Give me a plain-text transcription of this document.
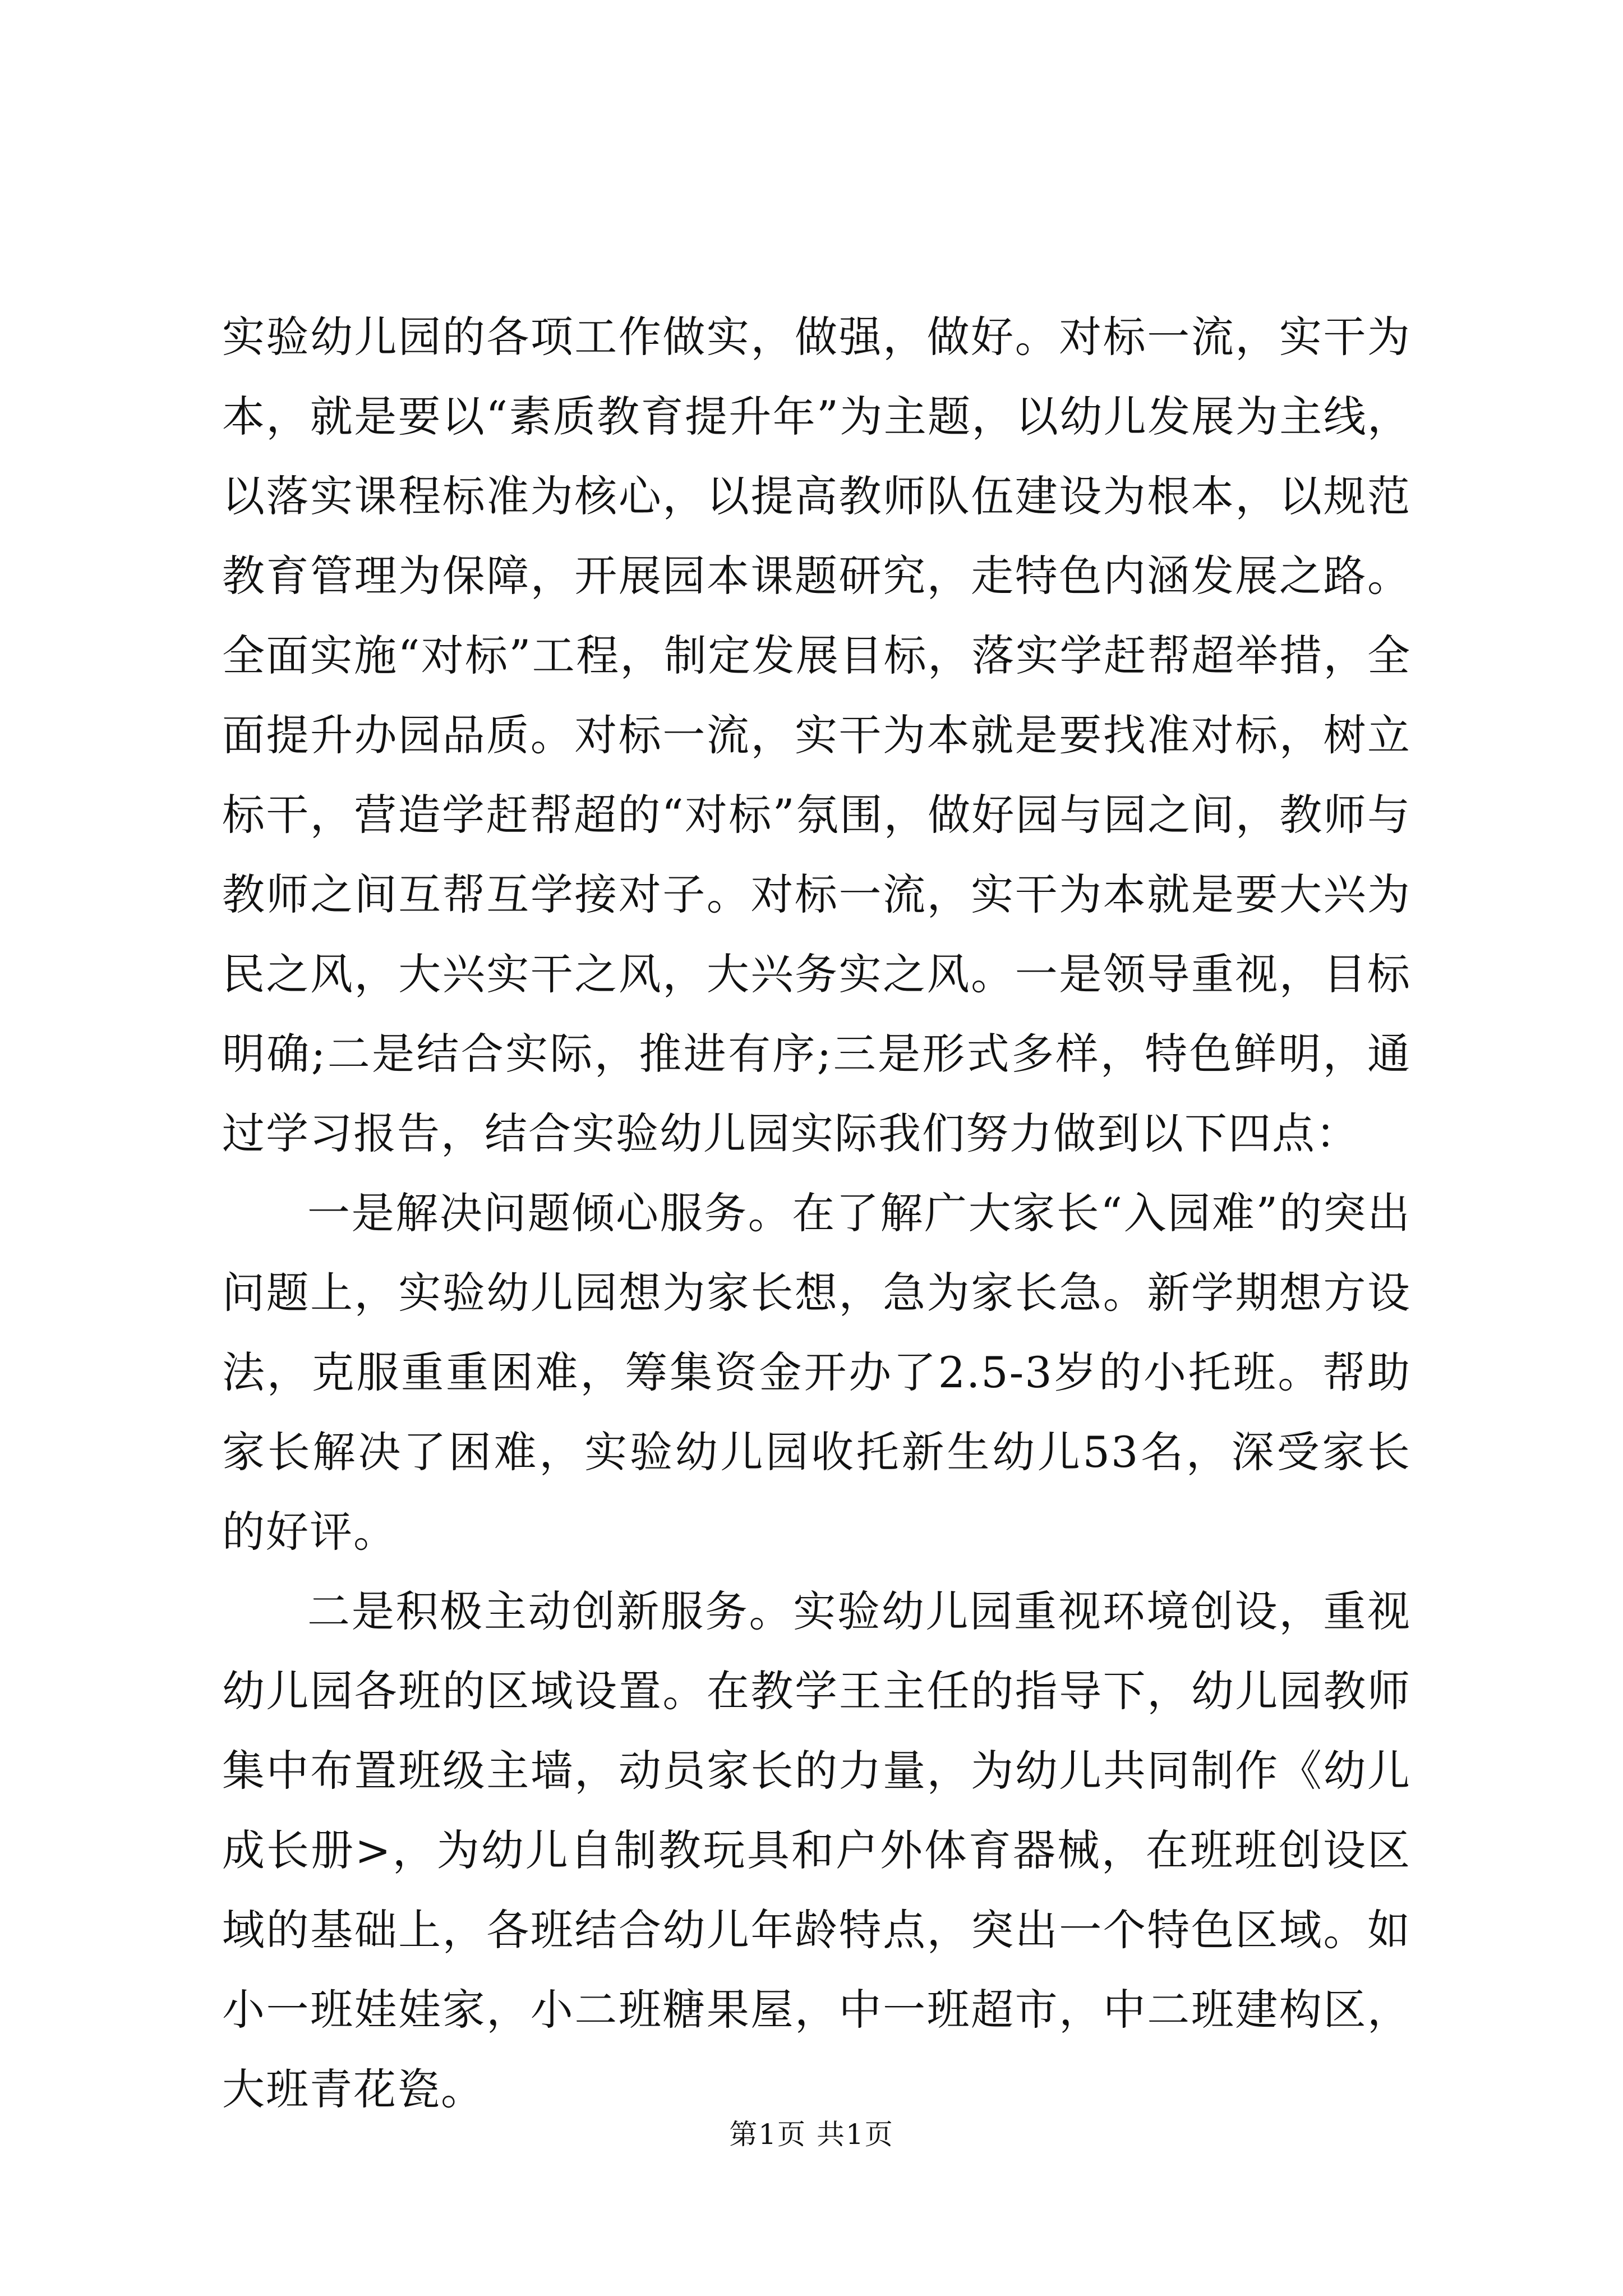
实验幼儿园的各项工作做实，做强，做好。对标一流，实干为本，就是要以“素质教育提升年”为主题，以幼儿发展为主线，以落实课程标准为核心，以提高教师队伍建设为根本，以规范教育管理为保障，开展园本课题研究，走特色内涵发展之路。全面实施“对标”工程，制定发展目标，落实学赶帮超举措，全面提升办园品质。对标一流，实干为本就是要找准对标，树立标干，营造学赶帮超的“对标”氛围，做好园与园之间，教师与教师之间互帮互学接对子。对标一流，实干为本就是要大兴为民之风，大兴实干之风，大兴务实之风。一是领导重视，目标明确;二是结合实际，推进有序;三是形式多样，特色鲜明，通过学习报告，结合实验幼儿园实际我们努力做到以下四点：

一是解决问题倾心服务。在了解广大家长“入园难”的突出问题上，实验幼儿园想为家长想，急为家长急。新学期想方设法，克服重重困难，筹集资金开办了2.5-3岁的小托班。帮助家长解决了困难，实验幼儿园收托新生幼儿53名，深受家长的好评。

二是积极主动创新服务。实验幼儿园重视环境创设，重视幼儿园各班的区域设置。在教学王主任的指导下，幼儿园教师集中布置班级主墙，动员家长的力量，为幼儿共同制作《幼儿成长册>，为幼儿自制教玩具和户外体育器械，在班班创设区域的基础上，各班结合幼儿年龄特点，突出一个特色区域。如小一班娃娃家，小二班糖果屋，中一班超市，中二班建构区，大班青花瓷。

第1页 共1页
